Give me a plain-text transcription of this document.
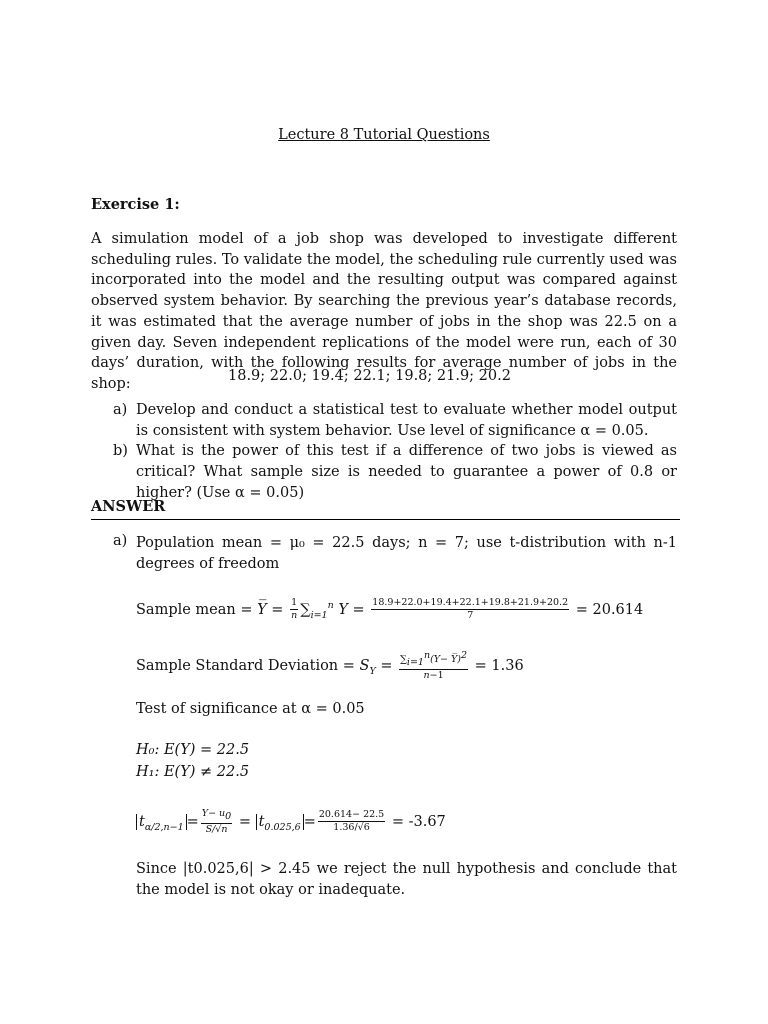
Lecture 8 Tutorial Questions
Exercise 1:
A simulation model of a job shop was developed to investigate different scheduling rules. To validate the model, the scheduling rule currently used was incorporated into the model and the resulting output was compared against observed system behavior. By searching the previous year’s database records, it was estimated that the average number of jobs in the shop was 22.5 on a given day. Seven independent replications of the model were run, each of 30 days’ duration, with the following results for average number of jobs in the shop:	18.9; 22.0; 19.4; 22.1; 19.8; 21.9; 20.2
a) Develop and conduct a statistical test to evaluate whether model output is consistent with system behavior. Use level of significance α = 0.05.
b) What is the power of this test if a difference of two jobs is viewed as critical? What sample size is needed to guarantee a power of 0.8 or higher? (Use α = 0.05)
ANSWER
a) Population mean = μ₀ = 22.5 days; n = 7; use t-distribution with n-1 degrees of freedom
Sample mean = Y̅ = $\frac{1}{n} \sum_{i=1}^n$ $Y = \frac{18.9+22.0+19.4+22.1+19.8+21.9+20.2}{7} = 20.614$
Sample Standard Deviation = $S_Y = \frac{\sum_{i=1}^n(Y- Y̅)^2}{n-1} = 1.36$
Test of significance at α = 0.05
H₀: E(Y) = 22.5
H₁: E(Y) ≠ 22.5
$t_{\alpha/2,n-1} = \frac{Y- u_0}{S/√n} = t_{0.025,6} = \frac{20.614- 22.5}{1.36/√6} = -3.67$
Since |t0.025,6| > 2.45 we reject the null hypothesis and conclude that the model is not okay or inadequate.
